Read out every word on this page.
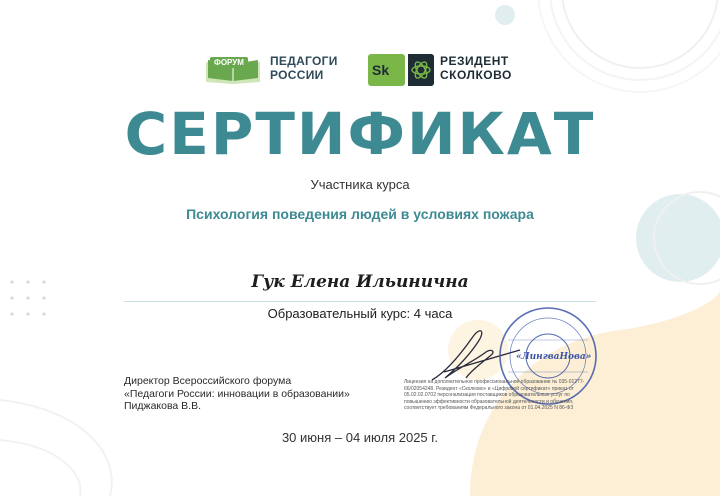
ФОРУМ	ПЕДАГОГИ
РОССИИ	Sk
РЕЗИДЕНТ
СКОЛКОВО
СЕРТИФИКАТ
Участника курса
Психология поведения людей в условиях пожара
Гук Елена Ильинична
Образовательный курс: 4 часа
Директор Всероссийского форума
«Педагоги России: инновации в образовании»
Пиджакова В.В.
Лицензия на дополнительное профессиональное образование № 035-01277-66/02054248. Резидент «Сколково» и «Цифровой сертификат» приказ от 05.02.02.0702 персонализация поставщиков образовательных услуг по повышению эффективности образовательной деятельности и обучения, соответствует требованиям Федерального закона от 01.04.2025 N 86-ФЗ
«ЛингваНова»
30 июня – 04 июля 2025 г.
